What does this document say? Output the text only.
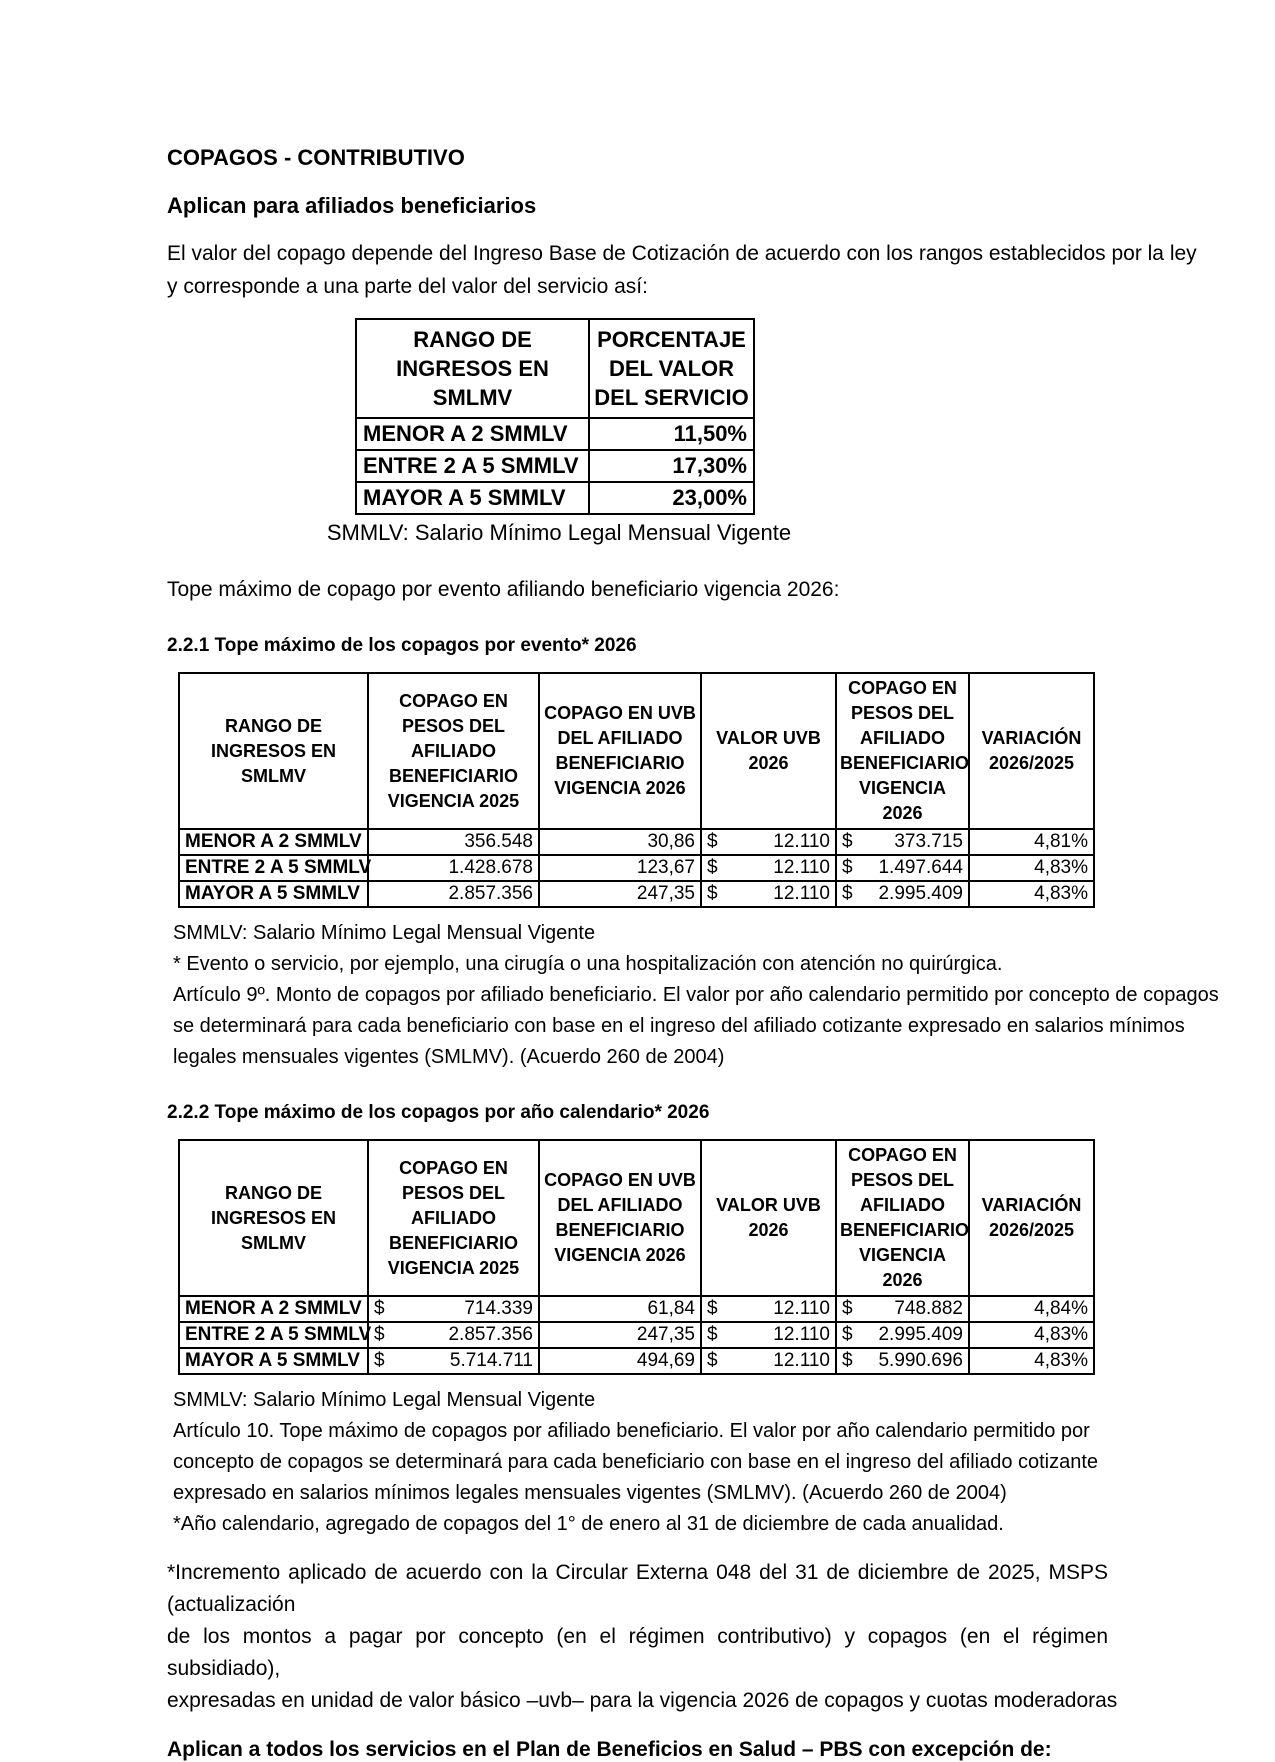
COPAGOS - CONTRIBUTIVO
Aplican para afiliados beneficiarios
El valor del copago depende del Ingreso Base de Cotización de acuerdo con los rangos establecidos por la ley
y corresponde a una parte del valor del servicio así:
RANGO DE INGRESOS EN SMLMV	PORCENTAJE DEL VALOR DEL SERVICIO
MENOR A 2 SMMLV	11,50%
ENTRE 2 A 5 SMMLV	17,30%
MAYOR A 5 SMMLV	23,00%
SMMLV: Salario Mínimo Legal Mensual Vigente
Tope máximo de copago por evento afiliando beneficiario vigencia 2026:
2.2.1 Tope máximo de los copagos por evento* 2026
RANGO DE INGRESOS EN SMLMV	COPAGO EN PESOS DEL AFILIADO BENEFICIARIO VIGENCIA 2025	COPAGO EN UVB DEL AFILIADO BENEFICIARIO VIGENCIA 2026	VALOR UVB 2026	COPAGO EN PESOS DEL AFILIADO BENEFICIARIO VIGENCIA 2026	VARIACIÓN 2026/2025
MENOR A 2 SMMLV	356.548	30,86	$ 12.110	$ 373.715	4,81%
ENTRE 2 A 5 SMMLV	1.428.678	123,67	$ 12.110	$ 1.497.644	4,83%
MAYOR A 5 SMMLV	2.857.356	247,35	$ 12.110	$ 2.995.409	4,83%
SMMLV: Salario Mínimo Legal Mensual Vigente
* Evento o servicio, por ejemplo, una cirugía o una hospitalización con atención no quirúrgica.
Artículo 9º. Monto de copagos por afiliado beneficiario. El valor por año calendario permitido por concepto de copagos
se determinará para cada beneficiario con base en el ingreso del afiliado cotizante expresado en salarios mínimos
legales mensuales vigentes (SMLMV). (Acuerdo 260 de 2004)
2.2.2 Tope máximo de los copagos por año calendario* 2026
RANGO DE INGRESOS EN SMLMV	COPAGO EN PESOS DEL AFILIADO BENEFICIARIO VIGENCIA 2025	COPAGO EN UVB DEL AFILIADO BENEFICIARIO VIGENCIA 2026	VALOR UVB 2026	COPAGO EN PESOS DEL AFILIADO BENEFICIARIO VIGENCIA 2026	VARIACIÓN 2026/2025
MENOR A 2 SMMLV	$ 714.339	61,84	$ 12.110	$ 748.882	4,84%
ENTRE 2 A 5 SMMLV	$ 2.857.356	247,35	$ 12.110	$ 2.995.409	4,83%
MAYOR A 5 SMMLV	$ 5.714.711	494,69	$ 12.110	$ 5.990.696	4,83%
SMMLV: Salario Mínimo Legal Mensual Vigente
Artículo 10. Tope máximo de copagos por afiliado beneficiario. El valor por año calendario permitido por
concepto de copagos se determinará para cada beneficiario con base en el ingreso del afiliado cotizante
expresado en salarios mínimos legales mensuales vigentes (SMLMV). (Acuerdo 260 de 2004)
*Año calendario, agregado de copagos del 1° de enero al 31 de diciembre de cada anualidad.
*Incremento aplicado de acuerdo con la Circular Externa 048 del 31 de diciembre de 2025, MSPS (actualización
de los montos a pagar por concepto (en el régimen contributivo) y copagos (en el régimen subsidiado),
expresadas en unidad de valor básico –uvb– para la vigencia 2026 de copagos y cuotas moderadoras
Aplican a todos los servicios en el Plan de Beneficios en Salud – PBS con excepción de:
